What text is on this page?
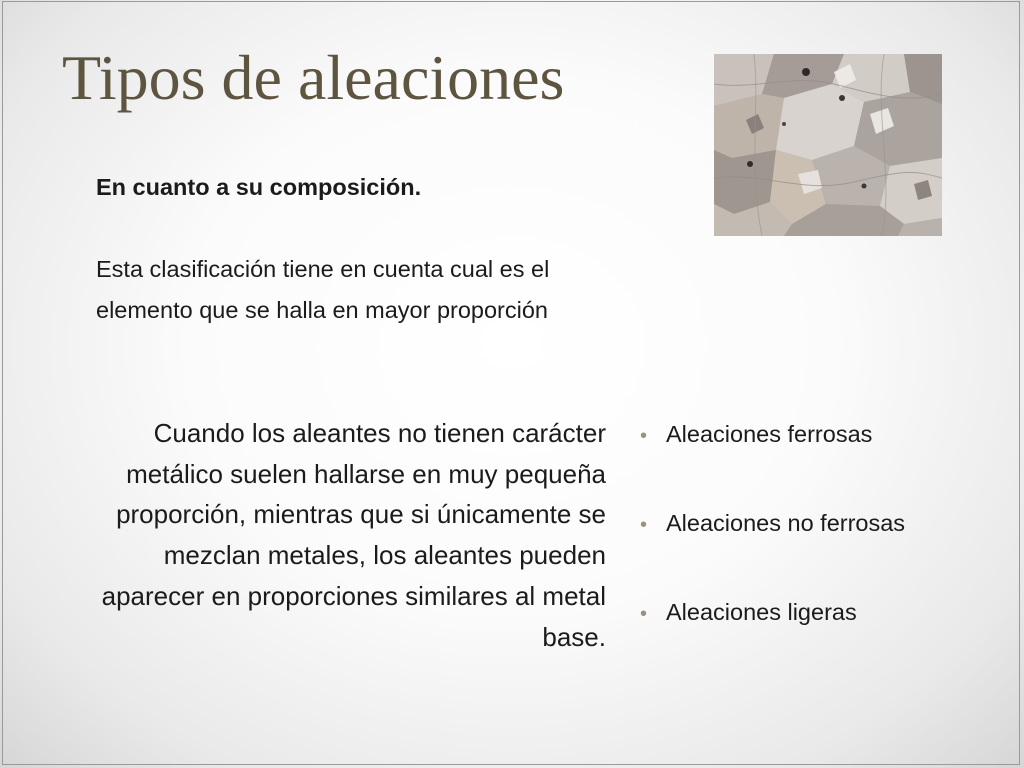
Tipos de aleaciones

En cuanto a su composición.

Esta clasificación tiene en cuenta cual es el elemento que se halla en mayor proporción

Cuando los aleantes no tienen carácter metálico suelen hallarse en muy pequeña proporción, mientras que si únicamente se mezclan metales, los aleantes pueden aparecer en proporciones similares al metal base.

• Aleaciones ferrosas
• Aleaciones no ferrosas
• Aleaciones ligeras
